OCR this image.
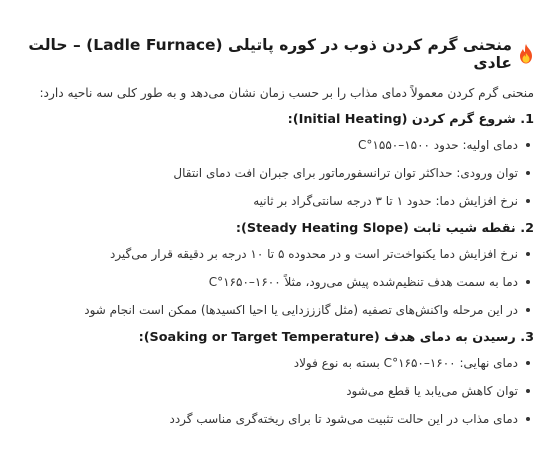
منحنی گرم کردن ذوب در کوره پاتیلی (Ladle Furnace) – حالت عادی
منحنی گرم کردن معمولاً دمای مذاب را بر حسب زمان نشان می‌دهد و به طور کلی سه ناحیه دارد:
1. شروع گرم کردن (Initial Heating):
دمای اولیه: حدود ۱۵۰۰–۱۵۵۰°C
توان ورودی: حداکثر توان ترانسفورماتور برای جبران افت دمای انتقال
نرخ افزایش دما: حدود ۱ تا ۳ درجه سانتی‌گراد بر ثانیه
2. نقطه شیب ثابت (Steady Heating Slope):
نرخ افزایش دما یکنواخت‌تر است و در محدوده ۵ تا ۱۰ درجه بر دقیقه قرار می‌گیرد
دما به سمت هدف تنظیم‌شده پیش می‌رود، مثلاً ۱۶۰۰–۱۶۵۰°C
در این مرحله واکنش‌های تصفیه (مثل گازززدایی یا احیا اکسیدها) ممکن است انجام شود
3. رسیدن به دمای هدف (Soaking or Target Temperature):
دمای نهایی: ۱۶۰۰–۱۶۵۰°C بسته به نوع فولاد
توان کاهش می‌یابد یا قطع می‌شود
دمای مذاب در این حالت تثبیت می‌شود تا برای ریخته‌گری مناسب گردد
